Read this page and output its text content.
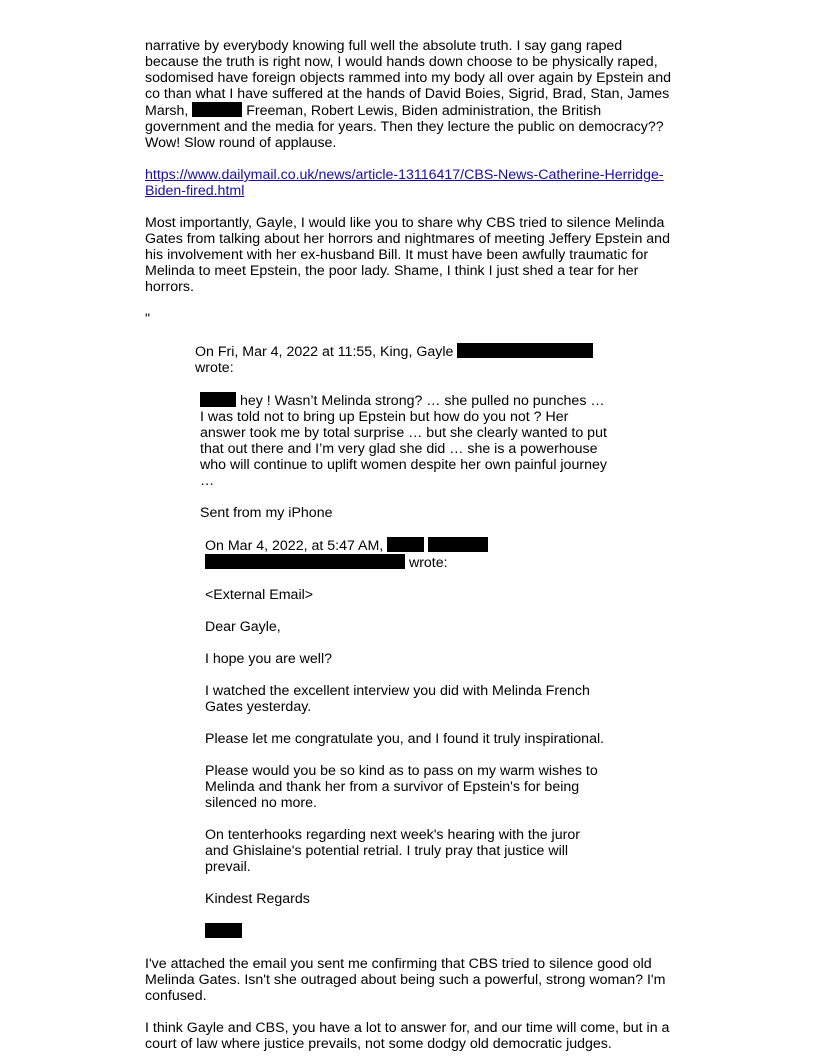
narrative by everybody knowing full well the absolute truth. I say gang raped because the truth is right now, I would hands down choose to be physically raped, sodomised have foreign objects rammed into my body all over again by Epstein and co than what I have suffered at the hands of David Boies, Sigrid, Brad, Stan, James Marsh,	Freeman, Robert Lewis, Biden administration, the British government and the media for years. Then they lecture the public on democracy?? Wow! Slow round of applause.

https://www.dailymail.co.uk/news/article-13116417/CBS-News-Catherine-Herridge-Biden-fired.html

Most importantly, Gayle, I would like you to share why CBS tried to silence Melinda Gates from talking about her horrors and nightmares of meeting Jeffery Epstein and his involvement with her ex-husband Bill. It must have been awfully traumatic for Melinda to meet Epstein, the poor lady. Shame, I think I just shed a tear for her horrors.

"

On Fri, Mar 4, 2022 at 11:55, King, Gayle
wrote:

hey ! Wasn’t Melinda strong? … she pulled no punches … I was told not to bring up Epstein but how do you not ? Her answer took me by total surprise … but she clearly wanted to put that out there and I’m very glad she did … she is a powerhouse who will continue to uplift women despite her own painful journey …

Sent from my iPhone

On Mar 4, 2022, at 5:47 AM,
wrote:

<External Email>

Dear Gayle,

I hope you are well?

I watched the excellent interview you did with Melinda French Gates yesterday.

Please let me congratulate you, and I found it truly inspirational.

Please would you be so kind as to pass on my warm wishes to Melinda and thank her from a survivor of Epstein's for being silenced no more.

On tenterhooks regarding next week's hearing with the juror and Ghislaine's potential retrial. I truly pray that justice will prevail.

Kindest Regards

I've attached the email you sent me confirming that CBS tried to silence good old Melinda Gates. Isn't she outraged about being such a powerful, strong woman? I'm confused.

I think Gayle and CBS, you have a lot to answer for, and our time will come, but in a court of law where justice prevails, not some dodgy old democratic judges.
